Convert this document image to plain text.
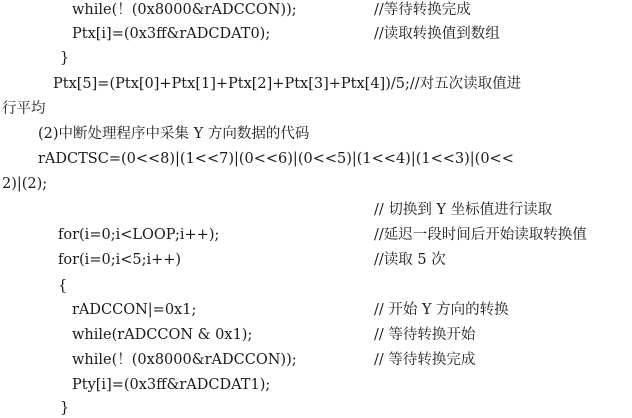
while(！(0x8000&rADCCON));	//等待转换完成
Ptx[i]=(0x3ff&rADCDAT0);	//读取转换值到数组
}
Ptx[5]=(Ptx[0]+Ptx[1]+Ptx[2]+Ptx[3]+Ptx[4])/5;//对五次读取值进
行平均
(2)中断处理程序中采集 Y 方向数据的代码
rADCTSC=(0<<8)|(1<<7)|(0<<6)|(0<<5)|(1<<4)|(1<<3)|(0<<
2)|(2);
// 切换到 Y 坐标值进行读取
for(i=0;i<LOOP;i++);	//延迟一段时间后开始读取转换值
for(i=0;i<5;i++)	//读取 5 次
{
rADCCON|=0x1;	// 开始 Y 方向的转换
while(rADCCON & 0x1);	// 等待转换开始
while(！(0x8000&rADCCON));	// 等待转换完成
Pty[i]=(0x3ff&rADCDAT1);
}
